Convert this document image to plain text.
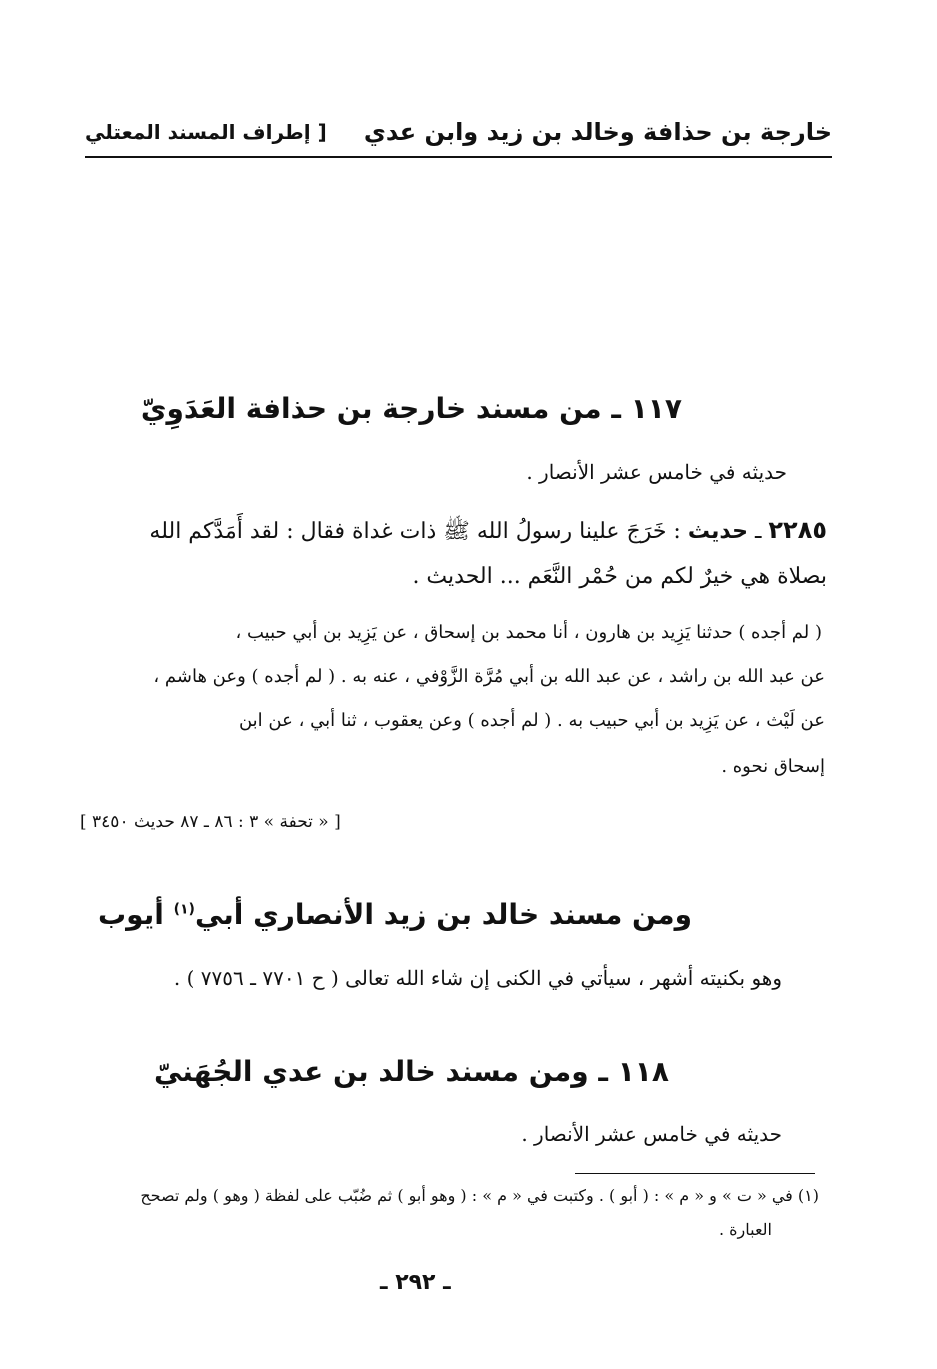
خارجة بن حذافة وخالد بن زيد وابن عدي
[ إطراف المسند المعتلي
١١٧ ـ من مسند خارجة بن حذافة العَدَوِيّ
حديثه في خامس عشر الأنصار .
٢٢٨٥ ـ حديث : خَرَجَ علينا رسولُ الله ﷺ ذات غداة فقال : لقد أَمَدَّكم الله
بصلاة هي خيرٌ لكم من حُمْر النَّعَم ... الحديث .
( لم أجده ) حدثنا يَزِيد بن هارون ، أنا محمد بن إسحاق ، عن يَزِيد بن أبي حبيب ،
عن عبد الله بن راشد ، عن عبد الله بن أبي مُرَّة الزَّوْفي ، عنه به . ( لم أجده ) وعن هاشم ،
عن لَيْث ، عن يَزِيد بن أبي حبيب به . ( لم أجده ) وعن يعقوب ، ثنا أبي ، عن ابن
إسحاق نحوه .
[ « تحفة » ٣ : ٨٦ ـ ٨٧ حديث ٣٤٥٠ ]
ومن مسند خالد بن زيد الأنصاري أبي$^{(١)}$ أيوب
وهو بكنيته أشهر ، سيأتي في الكنى إن شاء الله تعالى ( ح ٧٧٠١ ـ ٧٧٥٦ ) .
١١٨ ـ ومن مسند خالد بن عدي الجُهَنيّ
حديثه في خامس عشر الأنصار .
(١) في « ت » و « م » : ( أبو ) . وكتبت في « م » : ( وهو أبو ) ثم ضُبّب على لفظة ( وهو ) ولم تصحح
العبارة .
ـ ٢٩٢ ـ
